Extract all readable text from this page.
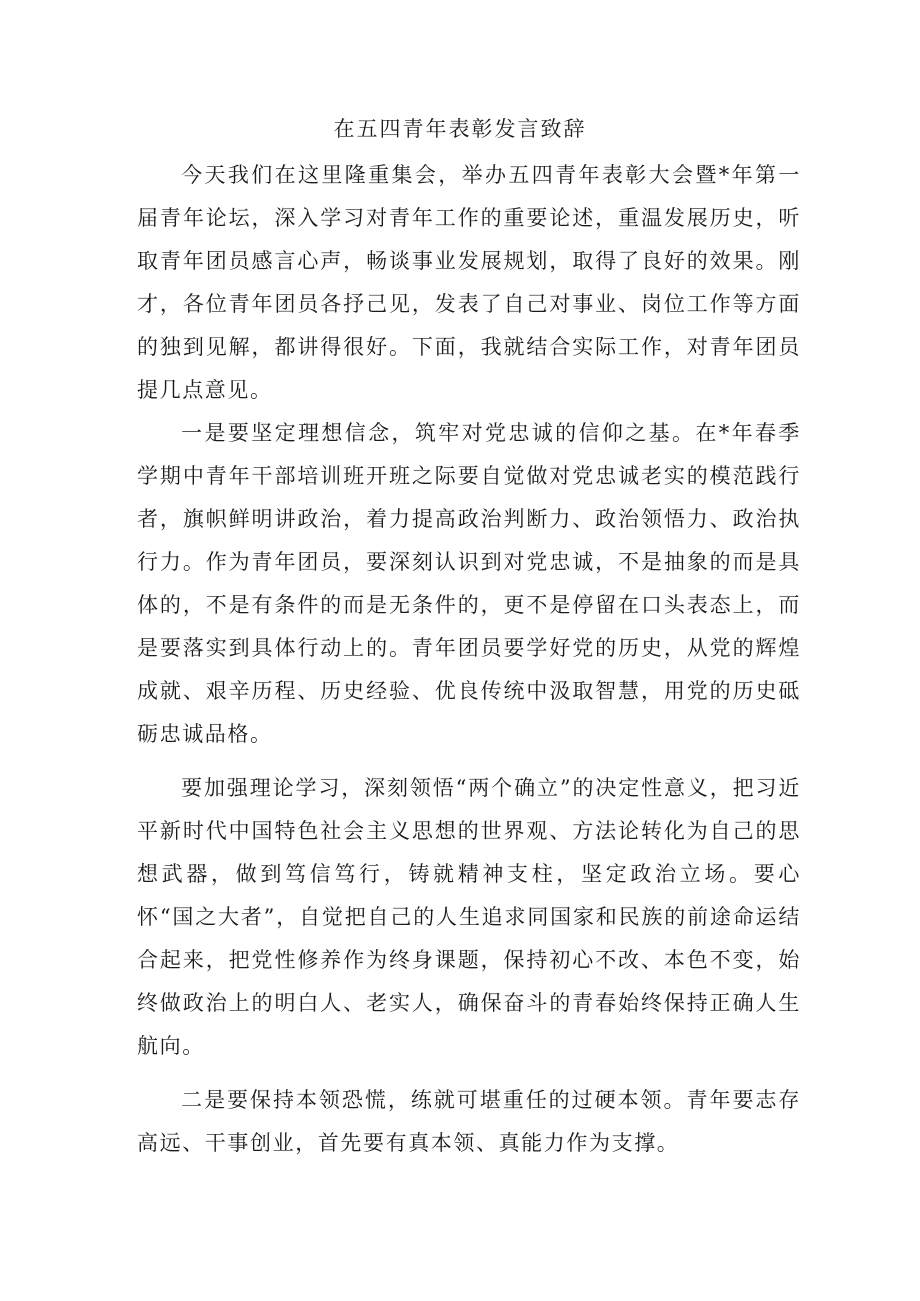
在五四青年表彰发言致辞

今天我们在这里隆重集会，举办五四青年表彰大会暨*年第一届青年论坛，深入学习对青年工作的重要论述，重温发展历史，听取青年团员感言心声，畅谈事业发展规划，取得了良好的效果。刚才，各位青年团员各抒己见，发表了自己对事业、岗位工作等方面的独到见解，都讲得很好。下面，我就结合实际工作，对青年团员提几点意见。

一是要坚定理想信念，筑牢对党忠诚的信仰之基。在*年春季学期中青年干部培训班开班之际要自觉做对党忠诚老实的模范践行者，旗帜鲜明讲政治，着力提高政治判断力、政治领悟力、政治执行力。作为青年团员，要深刻认识到对党忠诚，不是抽象的而是具体的，不是有条件的而是无条件的，更不是停留在口头表态上，而是要落实到具体行动上的。青年团员要学好党的历史，从党的辉煌成就、艰辛历程、历史经验、优良传统中汲取智慧，用党的历史砥砺忠诚品格。

要加强理论学习，深刻领悟“两个确立”的决定性意义，把习近平新时代中国特色社会主义思想的世界观、方法论转化为自己的思想武器，做到笃信笃行，铸就精神支柱，坚定政治立场。要心怀“国之大者”，自觉把自己的人生追求同国家和民族的前途命运结合起来，把党性修养作为终身课题，保持初心不改、本色不变，始终做政治上的明白人、老实人，确保奋斗的青春始终保持正确人生航向。

二是要保持本领恐慌，练就可堪重任的过硬本领。青年要志存高远、干事创业，首先要有真本领、真能力作为支撑。
